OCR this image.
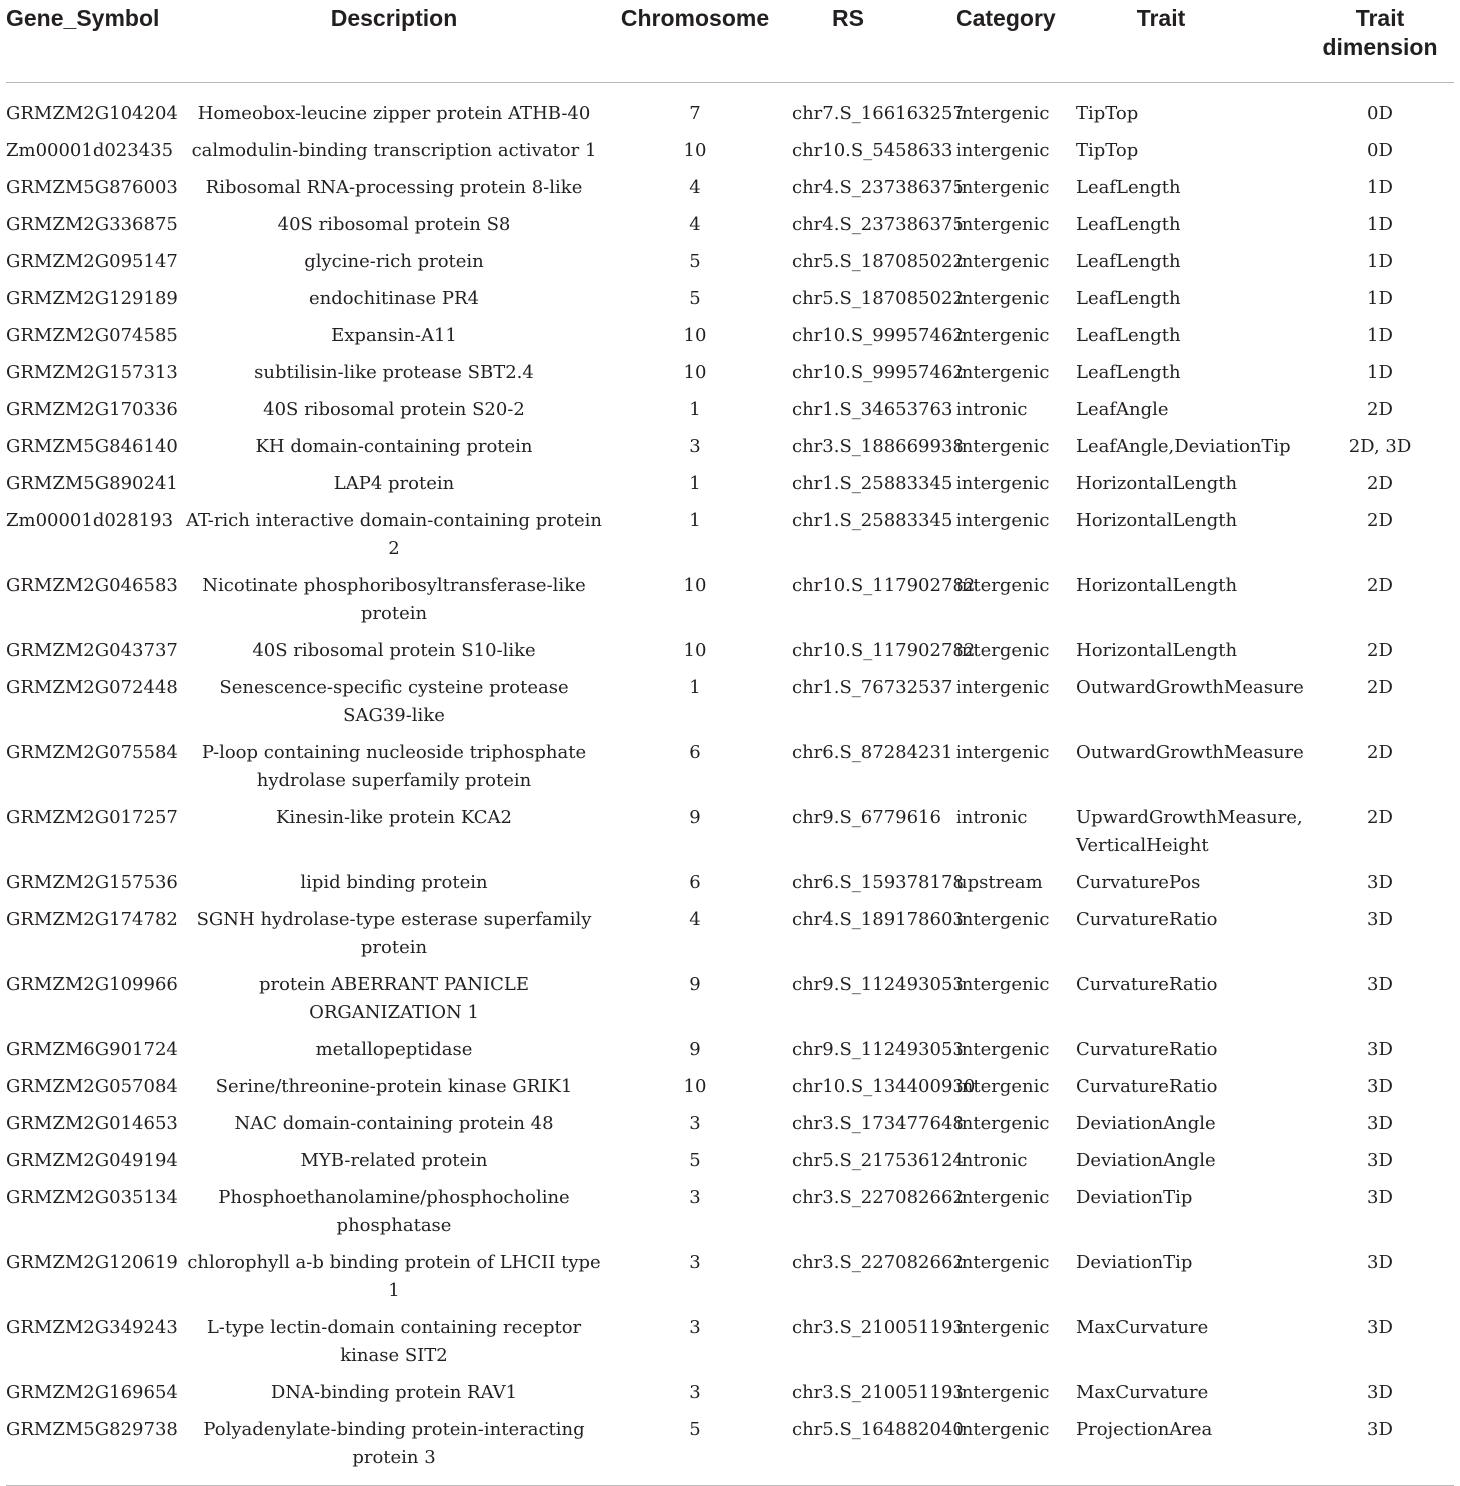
Gene_Symbol	Description	Chromosome	RS	Category	Trait	Trait dimension
GRMZM2G104204	Homeobox-leucine zipper protein ATHB-40	7	chr7.S_166163257	intergenic	TipTop	0D
Zm00001d023435	calmodulin-binding transcription activator 1	10	chr10.S_5458633	intergenic	TipTop	0D
GRMZM5G876003	Ribosomal RNA-processing protein 8-like	4	chr4.S_237386375	intergenic	LeafLength	1D
GRMZM2G336875	40S ribosomal protein S8	4	chr4.S_237386375	intergenic	LeafLength	1D
GRMZM2G095147	glycine-rich protein	5	chr5.S_187085022	intergenic	LeafLength	1D
GRMZM2G129189	endochitinase PR4	5	chr5.S_187085022	intergenic	LeafLength	1D
GRMZM2G074585	Expansin-A11	10	chr10.S_99957462	intergenic	LeafLength	1D
GRMZM2G157313	subtilisin-like protease SBT2.4	10	chr10.S_99957462	intergenic	LeafLength	1D
GRMZM2G170336	40S ribosomal protein S20-2	1	chr1.S_34653763	intronic	LeafAngle	2D
GRMZM5G846140	KH domain-containing protein	3	chr3.S_188669938	intergenic	LeafAngle,DeviationTip	2D, 3D
GRMZM5G890241	LAP4 protein	1	chr1.S_25883345	intergenic	HorizontalLength	2D
Zm00001d028193	AT-rich interactive domain-containing protein 2	1	chr1.S_25883345	intergenic	HorizontalLength	2D
GRMZM2G046583	Nicotinate phosphoribosyltransferase-like protein	10	chr10.S_117902782	intergenic	HorizontalLength	2D
GRMZM2G043737	40S ribosomal protein S10-like	10	chr10.S_117902782	intergenic	HorizontalLength	2D
GRMZM2G072448	Senescence-specific cysteine protease SAG39-like	1	chr1.S_76732537	intergenic	OutwardGrowthMeasure	2D
GRMZM2G075584	P-loop containing nucleoside triphosphate hydrolase superfamily protein	6	chr6.S_87284231	intergenic	OutwardGrowthMeasure	2D
GRMZM2G017257	Kinesin-like protein KCA2	9	chr9.S_6779616	intronic	UpwardGrowthMeasure, VerticalHeight	2D
GRMZM2G157536	lipid binding protein	6	chr6.S_159378178	upstream	CurvaturePos	3D
GRMZM2G174782	SGNH hydrolase-type esterase superfamily protein	4	chr4.S_189178603	intergenic	CurvatureRatio	3D
GRMZM2G109966	protein ABERRANT PANICLE ORGANIZATION 1	9	chr9.S_112493053	intergenic	CurvatureRatio	3D
GRMZM6G901724	metallopeptidase	9	chr9.S_112493053	intergenic	CurvatureRatio	3D
GRMZM2G057084	Serine/threonine-protein kinase GRIK1	10	chr10.S_134400930	intergenic	CurvatureRatio	3D
GRMZM2G014653	NAC domain-containing protein 48	3	chr3.S_173477648	intergenic	DeviationAngle	3D
GRMZM2G049194	MYB-related protein	5	chr5.S_217536124	intronic	DeviationAngle	3D
GRMZM2G035134	Phosphoethanolamine/phosphocholine phosphatase	3	chr3.S_227082662	intergenic	DeviationTip	3D
GRMZM2G120619	chlorophyll a-b binding protein of LHCII type 1	3	chr3.S_227082662	intergenic	DeviationTip	3D
GRMZM2G349243	L-type lectin-domain containing receptor kinase SIT2	3	chr3.S_210051193	intergenic	MaxCurvature	3D
GRMZM2G169654	DNA-binding protein RAV1	3	chr3.S_210051193	intergenic	MaxCurvature	3D
GRMZM5G829738	Polyadenylate-binding protein-interacting protein 3	5	chr5.S_164882040	intergenic	ProjectionArea	3D
